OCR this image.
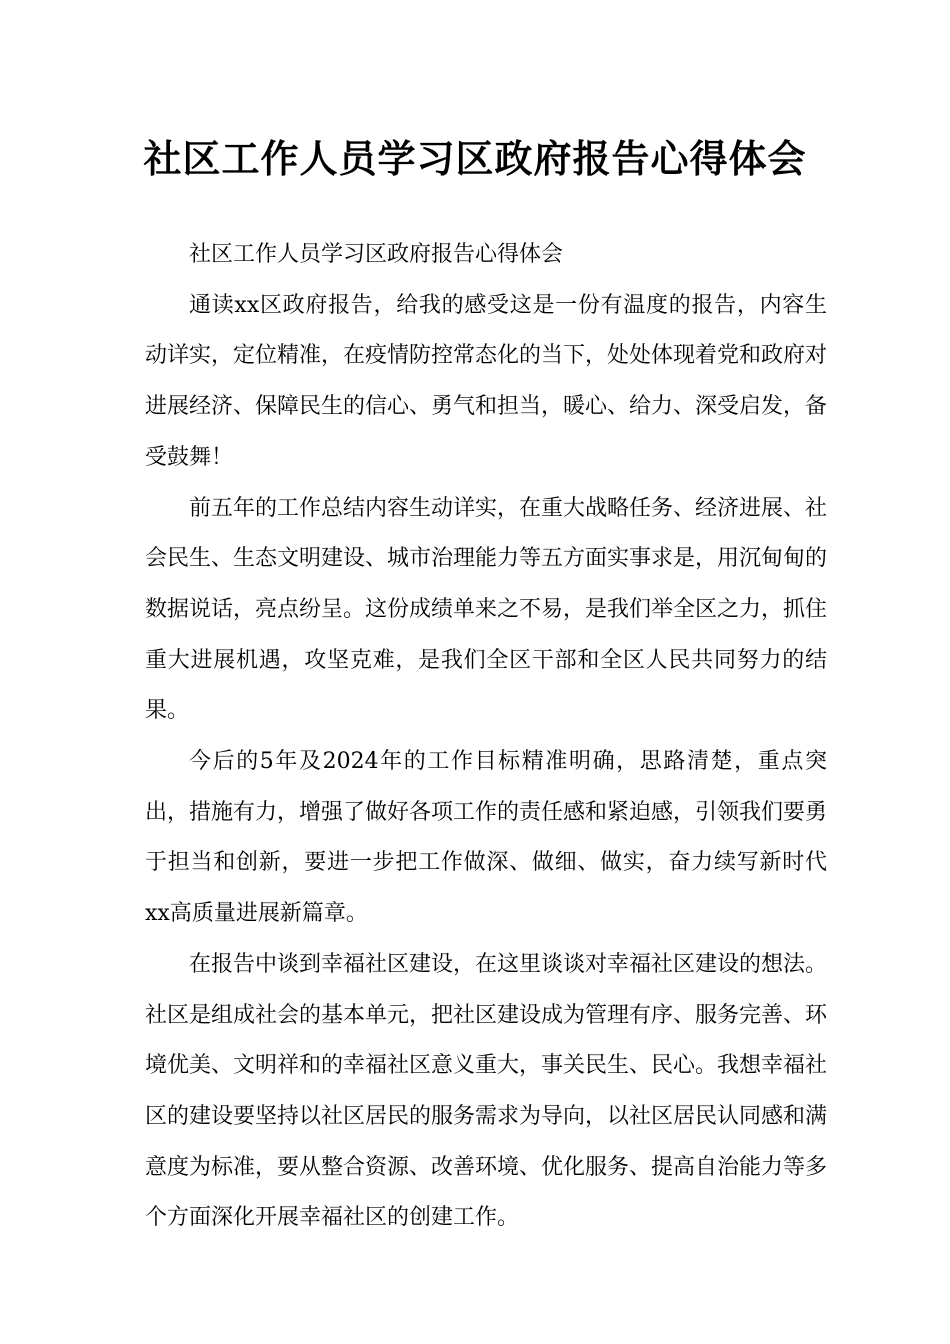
社区工作人员学习区政府报告心得体会

社区工作人员学习区政府报告心得体会

通读xx区政府报告，给我的感受这是一份有温度的报告，内容生动详实，定位精准，在疫情防控常态化的当下，处处体现着党和政府对进展经济、保障民生的信心、勇气和担当，暖心、给力、深受启发，备受鼓舞！

前五年的工作总结内容生动详实，在重大战略任务、经济进展、社会民生、生态文明建设、城市治理能力等五方面实事求是，用沉甸甸的数据说话，亮点纷呈。这份成绩单来之不易，是我们举全区之力，抓住重大进展机遇，攻坚克难，是我们全区干部和全区人民共同努力的结果。

今后的5年及2024年的工作目标精准明确，思路清楚，重点突出，措施有力，增强了做好各项工作的责任感和紧迫感，引领我们要勇于担当和创新，要进一步把工作做深、做细、做实，奋力续写新时代xx高质量进展新篇章。

在报告中谈到幸福社区建设，在这里谈谈对幸福社区建设的想法。社区是组成社会的基本单元，把社区建设成为管理有序、服务完善、环境优美、文明祥和的幸福社区意义重大，事关民生、民心。我想幸福社区的建设要坚持以社区居民的服务需求为导向，以社区居民认同感和满意度为标准，要从整合资源、改善环境、优化服务、提高自治能力等多个方面深化开展幸福社区的创建工作。
